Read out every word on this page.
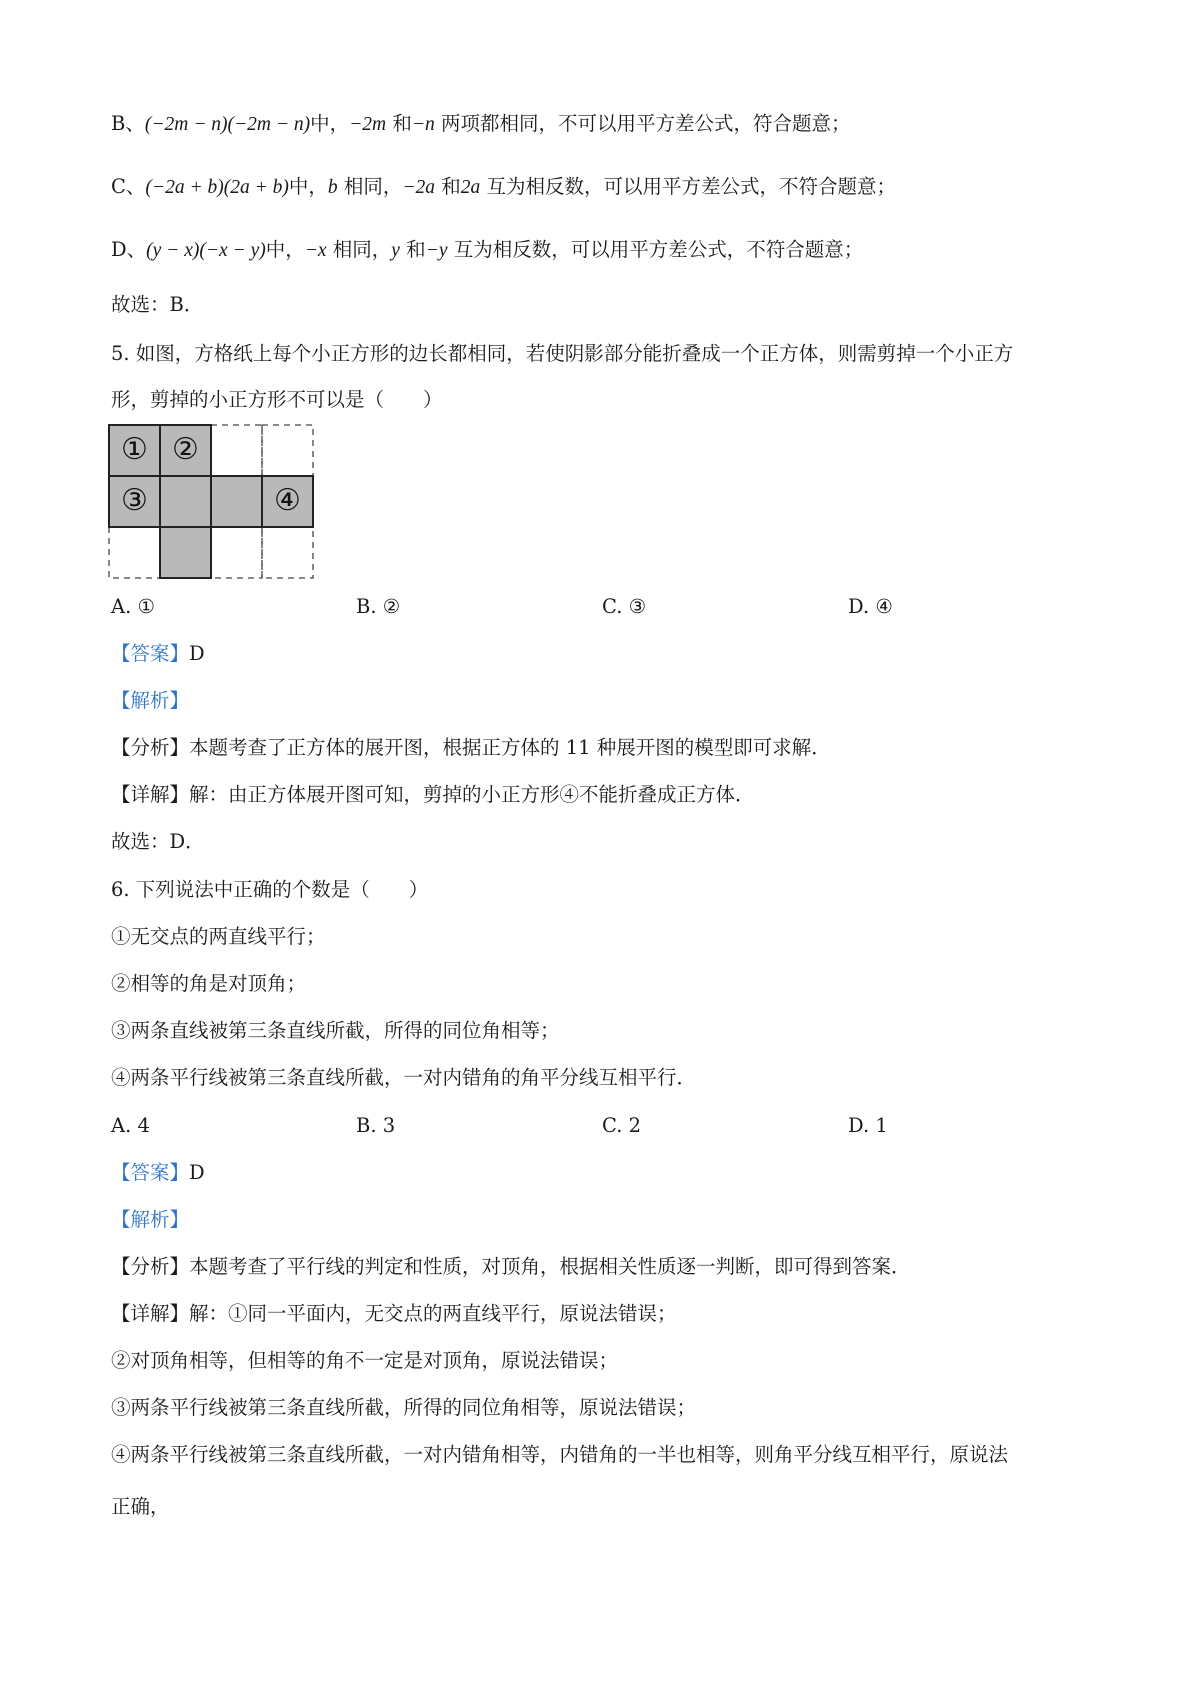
B、(−2m − n)(−2m − n)中，−2m 和−n 两项都相同，不可以用平方差公式，符合题意；

C、(−2a + b)(2a + b)中，b 相同，−2a 和2a 互为相反数，可以用平方差公式，不符合题意；

D、(y − x)(−x − y)中，−x 相同，y 和−y 互为相反数，可以用平方差公式，不符合题意；

故选：B．

5. 如图，方格纸上每个小正方形的边长都相同，若使阴影部分能折叠成一个正方体，则需剪掉一个小正方

形，剪掉的小正方形不可以是（　　）

① ②
③	④
A. ①	B. ②	C. ③	D. ④

【答案】D

【解析】

【分析】本题考查了正方体的展开图，根据正方体的 11 种展开图的模型即可求解．

【详解】解：由正方体展开图可知，剪掉的小正方形④不能折叠成正方体．

故选：D．

6. 下列说法中正确的个数是（　　）

①无交点的两直线平行；

②相等的角是对顶角；

③两条直线被第三条直线所截，所得的同位角相等；

④两条平行线被第三条直线所截，一对内错角的角平分线互相平行．

A. 4	B. 3	C. 2	D. 1

【答案】D

【解析】

【分析】本题考查了平行线的判定和性质，对顶角，根据相关性质逐一判断，即可得到答案．

【详解】解：①同一平面内，无交点的两直线平行，原说法错误；

②对顶角相等，但相等的角不一定是对顶角，原说法错误；

③两条平行线被第三条直线所截，所得的同位角相等，原说法错误；

④两条平行线被第三条直线所截，一对内错角相等，内错角的一半也相等，则角平分线互相平行，原说法

正确，
